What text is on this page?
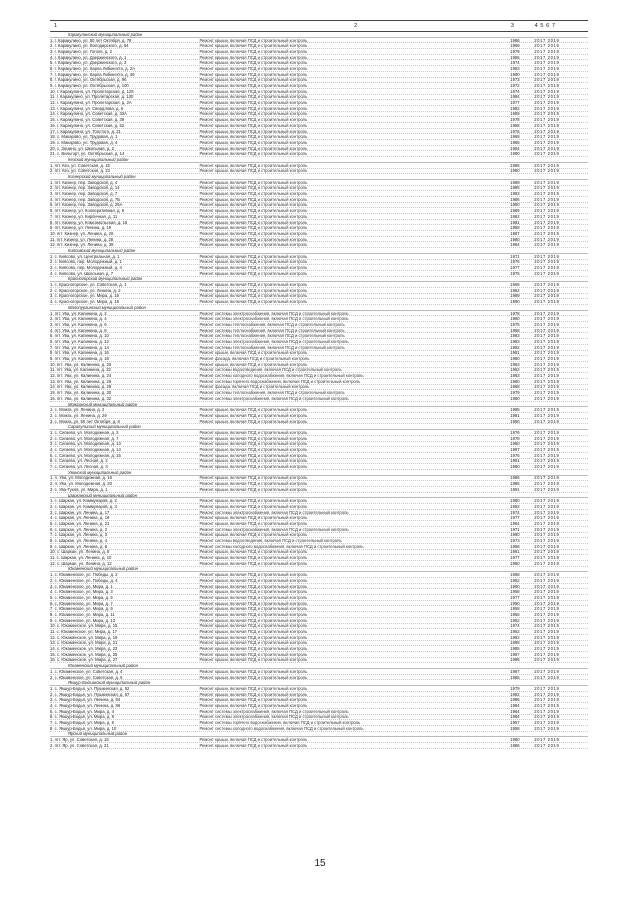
1	2	3	4 5 6 7
Каракулинский муниципальный район
1. г. Каракулино, ул. 50 лет Октября, д. 78	Ремонт крыши, включая ПСД и строительный контроль	1986	2017 2019
2. г. Каракулино, ул. Володарского, д. 64	Ремонт крыши, включая ПСД и строительный контроль	1989	2017 2019
3. г. Каракулино, ул. Гоголя, д. 2	Ремонт крыши, включая ПСД и строительный контроль	1979	2017 2019
4. г. Каракулино, ул. Дзержинского, д. 1	Ремонт крыши, включая ПСД и строительный контроль	1965	2017 2019
5. г. Каракулино, ул. Дзержинского, д. 3	Ремонт крыши, включая ПСД и строительный контроль	1974	2017 2019
6. г. Каракулино, ул. Карла Либкнехта, д. 2А	Ремонт крыши, включая ПСД и строительный контроль	1983	2017 2019
7. г. Каракулино, ул. Карла Либкнехта, д. 36	Ремонт крыши, включая ПСД и строительный контроль	1990	2017 2019
8. г. Каракулино, ул. Октябрьская, д. 96	Ремонт крыши, включая ПСД и строительный контроль	1973	2017 2019
9. г. Каракулино, ул. Октябрьская, д. 100	Ремонт крыши, включая ПСД и строительный контроль	1972	2017 2019
10. г. Каракулино, ул. Пролетарская, д. 125	Ремонт крыши, включая ПСД и строительный контроль	1974	2017 2019
11. г. Каракулино, ул. Пролетарская, д. 130	Ремонт крыши, включая ПСД и строительный контроль	1984	2017 2019
12. г. Каракулино, ул. Пролетарская, д. 2А	Ремонт крыши, включая ПСД и строительный контроль	1977	2017 2019
13. г. Каракулино, ул. Свердлова, д. 6	Ремонт крыши, включая ПСД и строительный контроль	1982	2017 2019
14. г. Каракулино, ул. Советская, д. 33А	Ремонт крыши, включая ПСД и строительный контроль	1989	2017 2019
15. г. Каракулино, ул. Советская, д. 39	Ремонт крыши, включая ПСД и строительный контроль	1978	2017 2019
16. г. Каракулино, ул. Советская, д. 52	Ремонт крыши, включая ПСД и строительный контроль	1988	2017 2019
17. г. Каракулино, ул. Толстого, д. 21	Ремонт крыши, включая ПСД и строительный контроль	1976	2017 2019
18. с. Макарово, ул. Трудовая, д. 1	Ремонт крыши, включая ПСД и строительный контроль	1968	2017 2019
19. с. Макарово, ул. Трудовая, д. 4	Ремонт крыши, включая ПСД и строительный контроль	1966	2017 2019
20. с. Зюзино, ул. Школьная, д. 2	Ремонт крыши, включая ПСД и строительный контроль	1984	2017 2019
21. с. Вильгорт, ул. Октябрьская, д. 14	Ремонт крыши, включая ПСД и строительный контроль	1990	2017 2019
Кезский муниципальный район
1. пгт. Кез, ул. Советская, д. 15	Ремонт крыши, включая ПСД и строительный контроль	1985	2017 2019
2. пгт. Кез, ул. Советская, д. 23	Ремонт крыши, включая ПСД и строительный контроль	1980	2017 2019
Кизнерский муниципальный район
1. пгт. Кизнер, пер. Заводской, д. 4	Ремонт крыши, включая ПСД и строительный контроль	1989	2017 2019
2. пгт. Кизнер, пер. Заводской, д. 14	Ремонт крыши, включая ПСД и строительный контроль	1985	2017 2019
3. пгт. Кизнер, пер. Заводской, д. 7	Ремонт крыши, включая ПСД и строительный контроль	1983	2017 2019
4. пгт. Кизнер, пер. Заводской, д. 7Б	Ремонт крыши, включая ПСД и строительный контроль	1986	2017 2019
5. пгт. Кизнер, пер. Заводской, д. 26А	Ремонт крыши, включая ПСД и строительный контроль	1980	2017 2019
6. пгт. Кизнер, ул. Кооперативная, д. 8	Ремонт крыши, включая ПСД и строительный контроль	1989	2017 2019
7. пгт. Кизнер, ул. Кирпичная, д. 11	Ремонт крыши, включая ПСД и строительный контроль	1962	2017 2019
8. пгт. Кизнер, ул. Комсомольская, д. 15	Ремонт крыши, включая ПСД и строительный контроль	1981	2017 2019
9. пгт. Кизнер, ул. Ленина, д. 19	Ремонт крыши, включая ПСД и строительный контроль	1958	2017 2019
10. пгт. Кизнер, ул. Ленина, д. 26	Ремонт крыши, включая ПСД и строительный контроль	1967	2017 2019
11. пгт. Кизнер, ул. Ленина, д. 28	Ремонт крыши, включая ПСД и строительный контроль	1980	2017 2019
12. пгт. Кизнер, ул. Ленина, д. 38	Ремонт крыши, включая ПСД и строительный контроль	1964	2017 2019
Киясовский муниципальный район
1. с. Киясово, ул. Центральная, д. 1	Ремонт крыши, включая ПСД и строительный контроль	1971	2017 2019
2. с. Киясово, пер. Молодежный, д. 1	Ремонт крыши, включая ПСД и строительный контроль	1976	2017 2019
3. с. Киясово, пер. Молодежный, д. 4	Ремонт крыши, включая ПСД и строительный контроль	1977	2017 2019
4. с. Киясово, ул. Школьная, д. 7	Ремонт крыши, включая ПСД и строительный контроль	1975	2017 2019
Красногорский муниципальный район
1. с. Красногорское, ул. Советская, д. 1	Ремонт крыши, включая ПСД и строительный контроль	1965	2017 2019
2. с. Красногорское, ул. Ленина, д. 2	Ремонт крыши, включая ПСД и строительный контроль	1982	2017 2019
3. с. Красногорское, ул. Мира, д. 16	Ремонт крыши, включая ПСД и строительный контроль	1989	2017 2019
4. с. Красногорское, ул. Мира, д. 18	Ремонт крыши, включая ПСД и строительный контроль	1990	2017 2019
Малопургинский муниципальный район
1. пгт. Ува, ул. Калинина, д. 2	Ремонт системы электроснабжения, включая ПСД и строительный контроль	1978	2017 2019
2. пгт. Ува, ул. Калинина, д. 4	Ремонт системы электроснабжения, включая ПСД и строительный контроль	1980	2017 2019
3. пгт. Ува, ул. Калинина, д. 6	Ремонт системы теплоснабжения, включая ПСД и строительный контроль	1975	2017 2019
4. пгт. Ува, ул. Калинина, д. 8	Ремонт системы теплоснабжения, включая ПСД и строительный контроль	1968	2017 2019
5. пгт. Ува, ул. Калинина, д. 10	Ремонт системы теплоснабжения, включая ПСД и строительный контроль	1983	2017 2019
6. пгт. Ува, ул. Калинина, д. 12	Ремонт системы электроснабжения, включая ПСД и строительный контроль	1983	2017 2019
7. пгт. Ува, ул. Калинина, д. 14	Ремонт системы теплоснабжения, включая ПСД и строительный контроль	1962	2017 2019
8. пгт. Ува, ул. Калинина, д. 16	Ремонт крыши, включая ПСД и строительный контроль	1981	2017 2019
9. пгт. Ува, ул. Калинина, д. 18	Ремонт фасада, включая ПСД и строительный контроль	1980	2017 2019
10. пгт. Ува, ул. Калинина, д. 20	Ремонт крыши, включая ПСД и строительный контроль	1963	2017 2019
11. пгт. Ува, ул. Калинина, д. 22	Ремонт системы водоотведения, включая ПСД и строительный контроль	1962	2017 2019
12. пгт. Ува, ул. Калинина, д. 24	Ремонт системы холодного водоснабжения, включая ПСД и строительный контроль	1983	2017 2019
13. пгт. Ува, ул. Калинина, д. 26	Ремонт системы горячего водоснабжения, включая ПСД и строительный контроль	1980	2017 2019
14. пгт. Ува, ул. Калинина, д. 28	Ремонт фасада, включая ПСД и строительный контроль	1968	2017 2019
15. пгт. Ува, ул. Калинина, д. 30	Ремонт системы теплоснабжения, включая ПСД и строительный контроль	1979	2017 2019
16. пгт. Ува, ул. Калинина, д. 32	Ремонт системы электроснабжения, включая ПСД и строительный контроль	1980	2017 2019
Можгинский муниципальный район
1. с. Можга, ул. Ленина, д. 2	Ремонт крыши, включая ПСД и строительный контроль	1985	2017 2019
2. с. Можга, ул. Ленина, д. 29	Ремонт крыши, включая ПСД и строительный контроль	1981	2017 2019
3. с. Можга, ул. 50 лет Октября, д. 8	Ремонт крыши, включая ПСД и строительный контроль	1990	2017 2019
Сарапульский муниципальный район
1. с. Сигаево, ул. Молодежная, д. 3	Ремонт крыши, включая ПСД и строительный контроль	1976	2017 2019
2. с. Сигаево, ул. Молодежная, д. 7	Ремонт крыши, включая ПСД и строительный контроль	1978	2017 2019
3. с. Сигаево, ул. Молодежная, д. 13	Ремонт крыши, включая ПСД и строительный контроль	1980	2017 2019
4. с. Сигаево, ул. Молодежная, д. 14	Ремонт крыши, включая ПСД и строительный контроль	1987	2017 2019
5. с. Сигаево, ул. Молодежная, д. 15	Ремонт крыши, включая ПСД и строительный контроль	1975	2017 2019
6. с. Сигаево, ул. Лесная, д. 2	Ремонт крыши, включая ПСД и строительный контроль	1981	2017 2019
7. с. Сигаево, ул. Лесная, д. 3	Ремонт крыши, включая ПСД и строительный контроль	1980	2017 2019
Увинский муниципальный район
1. п. Ува, ул. Молодежная, д. 16	Ремонт крыши, включая ПСД и строительный контроль	1986	2017 2019
2. п. Ува, ул. Молодежная, д. 20	Ремонт крыши, включая ПСД и строительный контроль	1985	2017 2019
3. с. Ува-Тукля, ул. Мира, д. 1	Ремонт крыши, включая ПСД и строительный контроль	1991	2017 2019
Шарканский муниципальный район
1. с. Шаркан, ул. Коммунаров, д. 2	Ремонт крыши, включая ПСД и строительный контроль	1980	2017 2019
2. с. Шаркан, ул. Коммунаров, д. 3	Ремонт крыши, включая ПСД и строительный контроль	1992	2017 2019
3. с. Шаркан, ул. Ленина, д. 17	Ремонт системы электроснабжения, включая ПСД и строительный контроль	1974	2017 2019
4. с. Шаркан, ул. Ленина, д. 19	Ремонт крыши, включая ПСД и строительный контроль	1977	2017 2019
5. с. Шаркан, ул. Ленина, д. 21	Ремонт крыши, включая ПСД и строительный контроль	1964	2017 2019
6. с. Шаркан, ул. Ленина, д. 2	Ремонт системы электроснабжения, включая ПСД и строительный контроль	1971	2017 2019
7. с. Шаркан, ул. Ленина, д. 3	Ремонт крыши, включая ПСД и строительный контроль	1980	2017 2019
8. с. Шаркан, ул. Ленина, д. 4	Ремонт системы водоотведения, включая ПСД и строительный контроль	1973	2017 2019
9. с. Шаркан, ул. Ленина, д. 6	Ремонт системы холодного водоснабжения, включая ПСД и строительный контроль	1958	2017 2019
10. с. Шаркан, ул. Ленина, д. 8	Ремонт крыши, включая ПСД и строительный контроль	1961	2017 2019
11. с. Шаркан, ул. Ленина, д. 10	Ремонт крыши, включая ПСД и строительный контроль	1977	2017 2019
12. с. Шаркан, ул. Ленина, д. 12	Ремонт крыши, включая ПСД и строительный контроль	1980	2017 2019
Юкаменский муниципальный район
1. с. Юкаменское, ул. Победы, д. 2	Ремонт крыши, включая ПСД и строительный контроль	1958	2017 2019
2. с. Юкаменское, ул. Победы, д. 4	Ремонт крыши, включая ПСД и строительный контроль	1962	2017 2019
3. с. Юкаменское, ул. Мира, д. 1	Ремонт крыши, включая ПСД и строительный контроль	1960	2017 2019
4. с. Юкаменское, ул. Мира, д. 3	Ремонт крыши, включая ПСД и строительный контроль	1958	2017 2019
5. с. Юкаменское, ул. Мира, д. 5	Ремонт крыши, включая ПСД и строительный контроль	1977	2017 2019
6. с. Юкаменское, ул. Мира, д. 7	Ремонт крыши, включая ПСД и строительный контроль	1990	2017 2019
7. с. Юкаменское, ул. Мира, д. 9	Ремонт крыши, включая ПСД и строительный контроль	1958	2017 2019
8. с. Юкаменское, ул. Мира, д. 11	Ремонт крыши, включая ПСД и строительный контроль	1956	2017 2019
9. с. Юкаменское, ул. Мира, д. 13	Ремонт крыши, включая ПСД и строительный контроль	1962	2017 2019
10. с. Юкаменское, ул. Мира, д. 15	Ремонт крыши, включая ПСД и строительный контроль	1974	2017 2019
11. с. Юкаменское, ул. Мира, д. 17	Ремонт крыши, включая ПСД и строительный контроль	1962	2017 2019
12. с. Юкаменское, ул. Мира, д. 19	Ремонт крыши, включая ПСД и строительный контроль	1982	2017 2019
13. с. Юкаменское, ул. Мира, д. 21	Ремонт крыши, включая ПСД и строительный контроль	1988	2017 2019
14. с. Юкаменское, ул. Мира, д. 23	Ремонт крыши, включая ПСД и строительный контроль	1985	2017 2019
15. с. Юкаменское, ул. Мира, д. 25	Ремонт крыши, включая ПСД и строительный контроль	1987	2017 2019
16. с. Юкаменское, ул. Мира, д. 27	Ремонт крыши, включая ПСД и строительный контроль	1986	2017 2019
Юкаменский муниципальный район
1. с. Юкаменское, ул. Советская, д. 4	Ремонт крыши, включая ПСД и строительный контроль	1987	2017 2019
2. с. Юкаменское, ул. Советская, д. 5	Ремонт крыши, включая ПСД и строительный контроль	1985	2017 2019
Якшур-Бодьинский муниципальный район
1. с. Якшур-Бодья, ул. Пушкинская, д. 52	Ремонт крыши, включая ПСД и строительный контроль	1979	2017 2019
2. с. Якшур-Бодья, ул. Пушкинская, д. 57	Ремонт крыши, включая ПСД и строительный контроль	1982	2017 2019
3. с. Якшур-Бодья, ул. Ленина, д. 84	Ремонт крыши, включая ПСД и строительный контроль	1986	2017 2019
4. с. Якшур-Бодья, ул. Ленина, д. 86	Ремонт крыши, включая ПСД и строительный контроль	1984	2017 2019
5. с. Якшур-Бодья, ул. Мира, д. 4	Ремонт системы электроснабжения, включая ПСД и строительный контроль	1964	2017 2019
6. с. Якшур-Бодья, ул. Мира, д. 6	Ремонт системы электроснабжения, включая ПСД и строительный контроль	1964	2017 2019
7. с. Якшур-Бодья, ул. Мира, д. 8	Ремонт системы горячего водоснабжения, включая ПСД и строительный контроль	1957	2017 2019
8. с. Якшур-Бодья, ул. Мира, д. 10	Ремонт системы холодного водоснабжения, включая ПСД и строительный контроль	1958	2017 2019
Ярский муниципальный район
1. пгт. Яр, ул. Советская, д. 15	Ремонт крыши, включая ПСД и строительный контроль	1980	2017 2019
2. пгт. Яр, ул. Советская, д. 21	Ремонт крыши, включая ПСД и строительный контроль	1986	2017 2019
15
